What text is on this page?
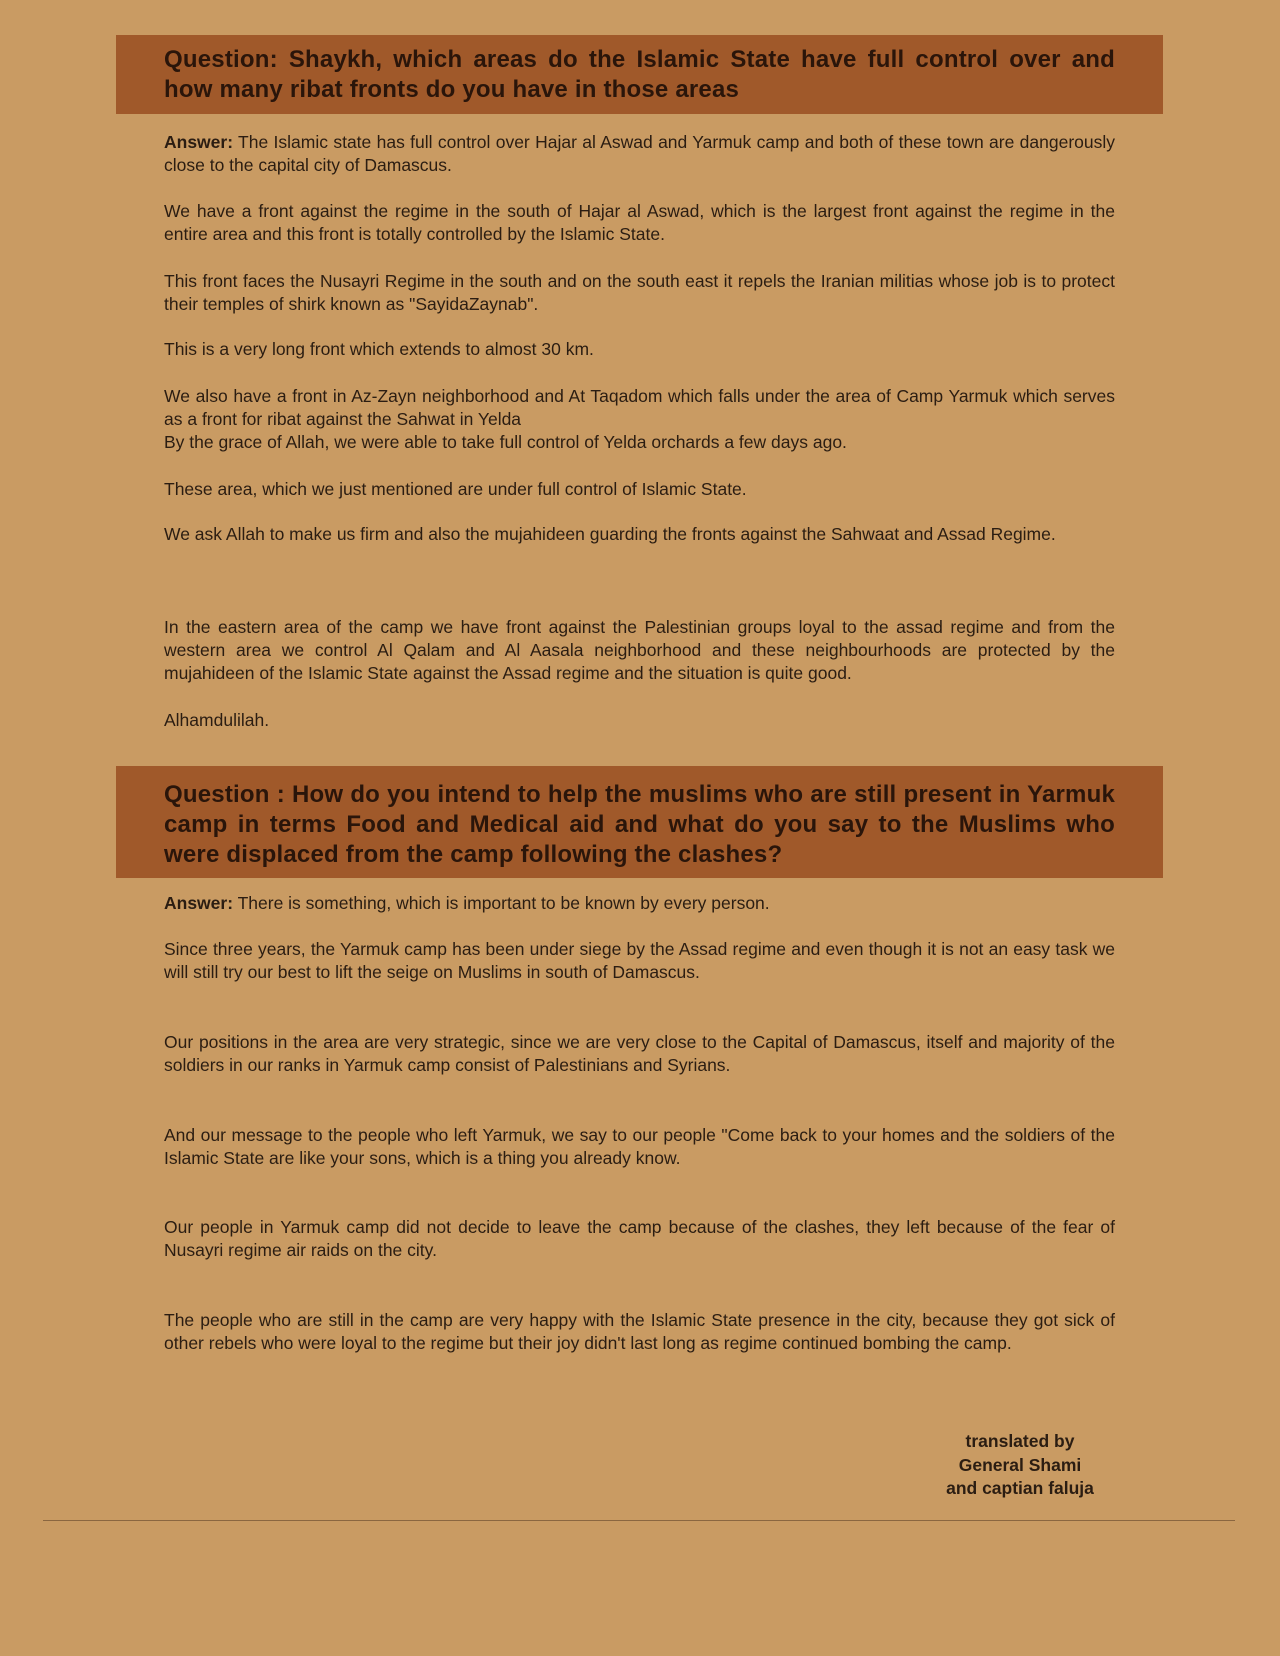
Question: Shaykh, which areas do the Islamic State have full control over and how many ribat fronts do you have in those areas

Answer: The Islamic state has full control over Hajar al Aswad and Yarmuk camp and both of these town are dangerously close to the capital city of Damascus.

We have a front against the regime in the south of Hajar al Aswad, which is the largest front against the regime in the entire area and this front is totally controlled by the Islamic State.

This front faces the Nusayri Regime in the south and on the south east it repels the Iranian militias whose job is to protect their temples of shirk known as "SayidaZaynab".

This is a very long front which extends to almost 30 km.

We also have a front in Az-Zayn neighborhood and At Taqadom which falls under the area of Camp Yarmuk which serves as a front for ribat against the Sahwat in Yelda

By the grace of Allah, we were able to take full control of Yelda orchards a few days ago.

These area, which we just mentioned are under full control of Islamic State.

We ask Allah to make us firm and also the mujahideen guarding the fronts against the Sahwaat and Assad Regime.

In the eastern area of the camp we have front against the Palestinian groups loyal to the assad regime and from the western area we control Al Qalam and Al Aasala neighborhood and these neighbourhoods are protected by the mujahideen of the Islamic State against the Assad regime and the situation is quite good.

Alhamdulilah.

Question : How do you intend to help the muslims who are still present in Yarmuk camp in terms Food and Medical aid and what do you say to the Muslims who were displaced from the camp following the clashes?

Answer: There is something, which is important to be known by every person.

Since three years, the Yarmuk camp has been under siege by the Assad regime and even though it is not an easy task we will still try our best to lift the seige on Muslims in south of Damascus.

Our positions in the area are very strategic, since we are very close to the Capital of Damascus, itself and majority of the soldiers in our ranks in Yarmuk camp consist of Palestinians and Syrians.

And our message to the people who left Yarmuk, we say to our people "Come back to your homes and the soldiers of the Islamic State are like your sons, which is a thing you already know.

Our people in Yarmuk camp did not decide to leave the camp because of the clashes, they left because of the fear of Nusayri regime air raids on the city.

The people who are still in the camp are very happy with the Islamic State presence in the city, because they got sick of other rebels who were loyal to the regime but their joy didn't last long as regime continued bombing the camp.

translated by
General Shami
and captian faluja
